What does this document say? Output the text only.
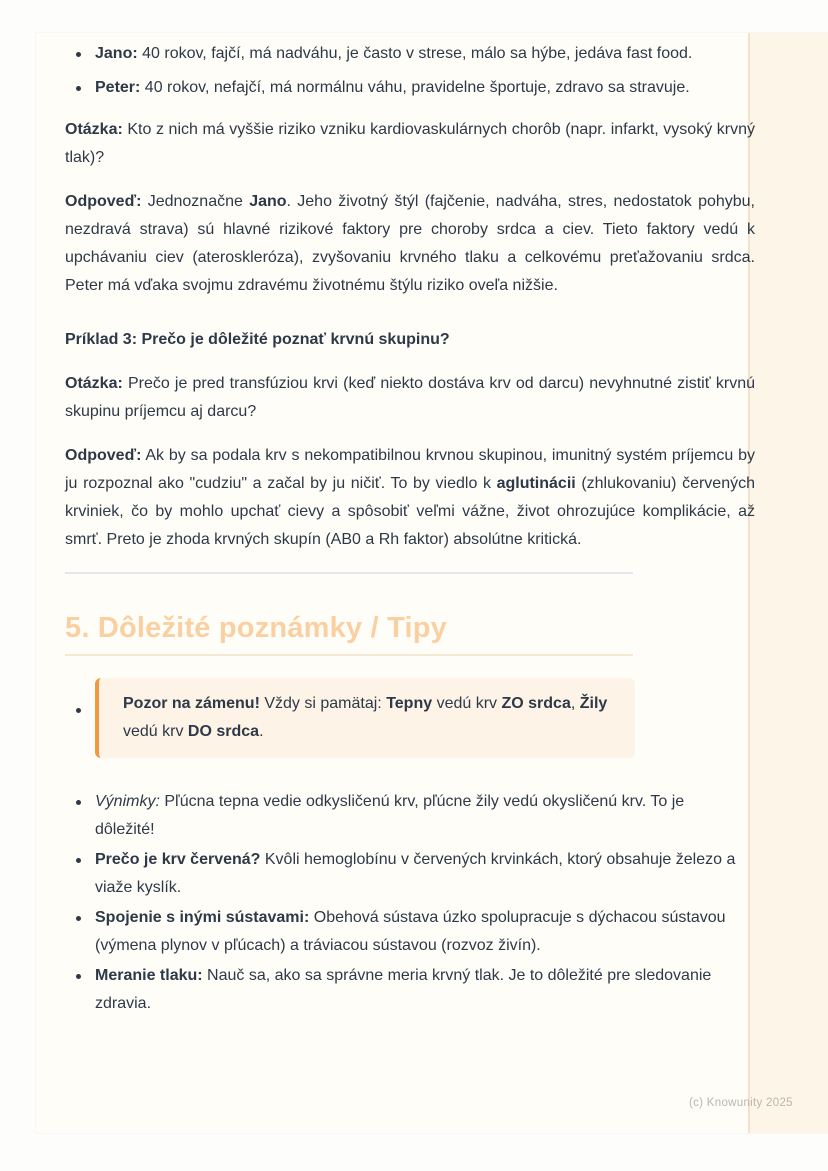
Jano: 40 rokov, fajčí, má nadváhu, je často v strese, málo sa hýbe, jedáva fast food.
Peter: 40 rokov, nefajčí, má normálnu váhu, pravidelne športuje, zdravo sa stravuje.

Otázka: Kto z nich má vyššie riziko vzniku kardiovaskulárnych chorôb (napr. infarkt, vysoký krvný tlak)?

Odpoveď: Jednoznačne Jano. Jeho životný štýl (fajčenie, nadváha, stres, nedostatok pohybu, nezdravá strava) sú hlavné rizikové faktory pre choroby srdca a ciev. Tieto faktory vedú k upchávaniu ciev (ateroskleróza), zvyšovaniu krvného tlaku a celkovému preťažovaniu srdca. Peter má vďaka svojmu zdravému životnému štýlu riziko oveľa nižšie.

Príklad 3: Prečo je dôležité poznať krvnú skupinu?

Otázka: Prečo je pred transfúziou krvi (keď niekto dostáva krv od darcu) nevyhnutné zistiť krvnú skupinu príjemcu aj darcu?

Odpoveď: Ak by sa podala krv s nekompatibilnou krvnou skupinou, imunitný systém príjemcu by ju rozpoznal ako "cudziu" a začal by ju ničiť. To by viedlo k aglutinácii (zhlukovaniu) červených krviniek, čo by mohlo upchať cievy a spôsobiť veľmi vážne, život ohrozujúce komplikácie, až smrť. Preto je zhoda krvných skupín (AB0 a Rh faktor) absolútne kritická.

5. Dôležité poznámky / Tipy
Pozor na zámenu! Vždy si pamätaj: Tepny vedú krv ZO srdca, Žily vedú krv DO srdca.
Výnimky: Pľúcna tepna vedie odkysličenú krv, pľúcne žily vedú okysličenú krv. To je dôležité!
Prečo je krv červená? Kvôli hemoglobínu v červených krvinkách, ktorý obsahuje železo a viaže kyslík.
Spojenie s inými sústavami: Obehová sústava úzko spolupracuje s dýchacou sústavou (výmena plynov v pľúcach) a tráviacou sústavou (rozvoz živín).
Meranie tlaku: Nauč sa, ako sa správne meria krvný tlak. Je to dôležité pre sledovanie zdravia.
(c) Knowunity 2025
